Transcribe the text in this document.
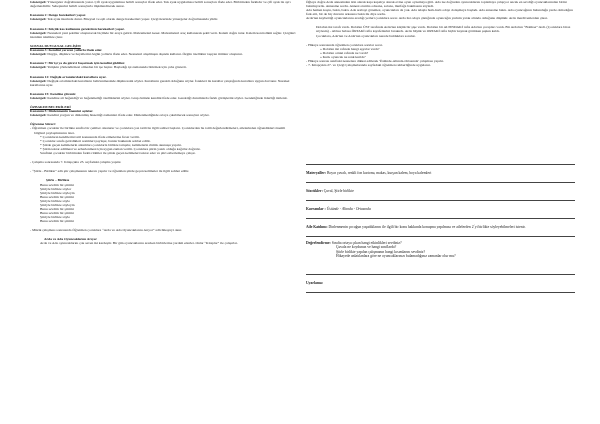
Gösterge6: Yönergeler doğrultusunda yazar. Çift ayak uygulaması belirli sonuçlar ifade eder. Tek ayak uygulaması belirli sonuçları ifade eder. Birbirinden farklıdır ve çift ayak ile ayrı değerlendirilir. Sebeplerini belirli sonuçlarla ilişkilendirerek sunar.
Kazanım 2: Denge hareketleri yapar.
Gösterge6: Tek ayak üzerinde durur. Bireysel ve eşli olarak denge hareketleri yapar. Çizgi üzerinde yönergeler doğrultusunda yürür.
Kazanım 4: Küçük kas kullanımı gerektiren hareketleri yapar.
Gösterge6: Nesneleri yeni şekiller oluşturacak biçimde bir araya getirir. Malzemeleri keser. Malzemeleri araç kullanarak şekil verir. Kalem doğru tutar. Kalem kontrolünü sağlar. Çizgileri istenilen nitelikte çizer.
SOSYAL DUYGUSAL GELİŞİM
Kazanım 3: Kendini yaratıcı yollarla ifade eder.
Gösterge6: Duygu, düşünce ve hayallerini özgün yollarla ifade eder. Nesneleri alışılmışın dışında kullanır. Özgün özellikler taşıyan ürünler oluşturur.
Kazanım 7: Bir işi ya da görevi başarmak için kendini güdüler.
Gösterge6: Yetişkin yönlendirmesi olmadan bir işe başlar. Başladığı işi zamanında bitirmek için çaba gösterir.
Kazanım 12: Değişik ortamlardaki kurallara uyar.
Gösterge6: Değişik ortamlardaki kuralların belirlenmesinde düşüncesini söyler. Kuralların gerekli olduğunu söyler. İstekleri ile kurallar çatıştığında kurallara uygun davranır. Nezaket kurallarına uyar.
Kazanım 15: Kendine güvenir.
Gösterge6: Kendine ait beğendiği ve beğenmediği özelliklerini söyler. Grup önünde kendini ifade eder. Gerektiği durumlarda farklı görüşlerini söyler. Gerektiğinde liderliği üstlenir.
ÖZBAKIM BECERİLERİ
Kazanım 5: Dinlenmenin önemini açıklar.
Gösterge6: Kendini yorgun ve dinlenmiş hissettiği zamanları ifade eder. Dinlenmediğinde ortaya çıkabilecek sonuçları söyler.
Öğrenme Süreci:
- Öğretmen çocuklar ile birlikte sınıfta bir çember olusturur ve çocuklara yaz tatili ile ilgili sohbet başlatır. Çocuklardan bu tatili değerlendirmeleri, ailelerinden öğrendikleri önemli bilgileri paylaşmalarını ister.
* Çocukların kendilerini tatil konusunda ifade etmelerine fırsat verilir.
* Çocuklar sınıfa getirdikleri resimleri paylaşır, bunlar hakkında sohbet edilir.
* Şiirde geçen kelimelerin anlamları çocuklarla birlikte tartışılır, kelimelerin ritmik okunuşu yapılır.
* Şiirin tekrar edilmesi ve ezberlenmesi için uygun zaman verilir. Çocuklara şiirin yazılı olduğu kağıtlar dağıtılır.
Sınıftaki çocuklar birbirinden farklı ritimler ile şiirde geçen kelimeleri tekrar eder ve şiiri ezberlemeye çalışır.
- Çalışma sonrasında 7. Kitapçıkta 23. sayfadaki çalışma yapılır.
- “Şiirle - Birlikte” adlı şiir çalışmasının tekrarı yapılır ve öğrenilen şiirde geçen kelimeler ile ilgili sohbet edilir.
Şiirle – Birlikte
Bunu sevdim bir şiirimi
Şiiriyle birlikte söyler
Şiiriyle birlikte söyleyin
Bunu sevdim bir şiirimi
Şiiriyle birlikte söyle
Şiiriyle birlikte söyleyin
Bunu sevdim bir şiirimi
Bunu sevdim bir şiirimi
Şiiriyle birlikte söyle
Bunu sevdim bir şiirimi
- Müzik çalışması sonrasında Öğretmen çocuklara “Arda ve Ada Oyuncaklarını Arıyor” adlı hikayeyi okur.
Arda ve Ada Oyuncaklarını Arıyor
Arda ve Ada oyuncaklarını çok seven iki kardeştir. Bir gün oyuncaklarını ararken birbirlerine yardım ederler. Onlar “Kitaplar” ile çalışırlar.
Öğleye doğru Arda annesinden izin alarak kapı kapalıyı alarak evine oyun oynamaya gitti. Ada ise doğrudan oyuncaklarını toplamaya çalışıyor ancak en sevdiği oyuncaklarından birini bulamıyordu. Annesine sordu. Annesi oturma odasına, salona, mutfağa bakmasını söyledi.
Ada hemen koştu, baktı, baktı. Ada arabayı göremez, oyuncakları da yok. Ada telaşla hızlı-hızlı odayı dolaşmaya başladı. Ada annesine baktı. Ada oyuncağının bulunduğu yerde olmadığını fark etti, bir de hiç duvarın arkasına baktı mı diye sordu.
Arda'nın kaybettiği oyuncaklarını aradığı yerleri çocuklara sorar. Arda üst odaya çıktığında oyuncağın yerinin yatak altında olduğunu düşünür. Arda merdivenlerden çıkar.
Dolabın üst tarafı vardı. Dolabın ÜST tarafında Arda'nın küçük bir şişe vardı. Dolabın bir ALTINDAKİ rafta Ada'nın çorapları vardı. Bir Arda'nın “Bohhaa” dedi. (Çocuklara biraz söylesin) - Ablası babası ÖRTAKİ rafta kıyafetlerini bırakırdı. Arda büyük ve ORTAKİ rafta hiçbir kaynak görürken şaşkın kaldı.
Çocuklara, Ada'nın ve Arda'nın oyuncakları nerede buldukları sorulur.
- Hikaye sonrasında öğretmen çocuklara sorular sorar.
» Dolabın üst rafında hangi eşyalar vardı?
» Dolabın ortaki rafında ne vardı?
» Kırık oyuncak ne renk kırıldı?
- Hikaye sonrası sınıftaki nesnelere dikkat edilerek 'Üstünde-Altında-Ortasında' çalışması yapılır.
- 7. Kitapçıkta 27. ve Çizgi Çalışmalarında sayfadaki öğretmen rehberliğinde uygulanır.
Materyaller: Boyar çuvalı, renkli fon kartonu, makas, kurşun kalem, boya kalemleri
Sözcükler: Çuval, Şiirle birlikte
Kavramlar : Üstünde - Altında - Ortasında
Aile Katılımı: Dinlenmenin çocuğun yaşadıklarını ile ilgili bir konu hakkında konuşma yapılması ve ailelerden 2´yi birlikte söyleyebilmeleri istenir.
Değerlendirme: Sınıfta ortaya çıkan hangi etkinlikleri sevdiniz?
Çuvala ne koydunuz ve hangi sınıflarda?
Şiirle birlikte yapılan çalışmanın hangi kısımlarını sevdiniz?
Hikayede anlatılanlara göre ne oyuncaklarınızı bulamadığınız zamanlar olur mu?
Uyarlama:
